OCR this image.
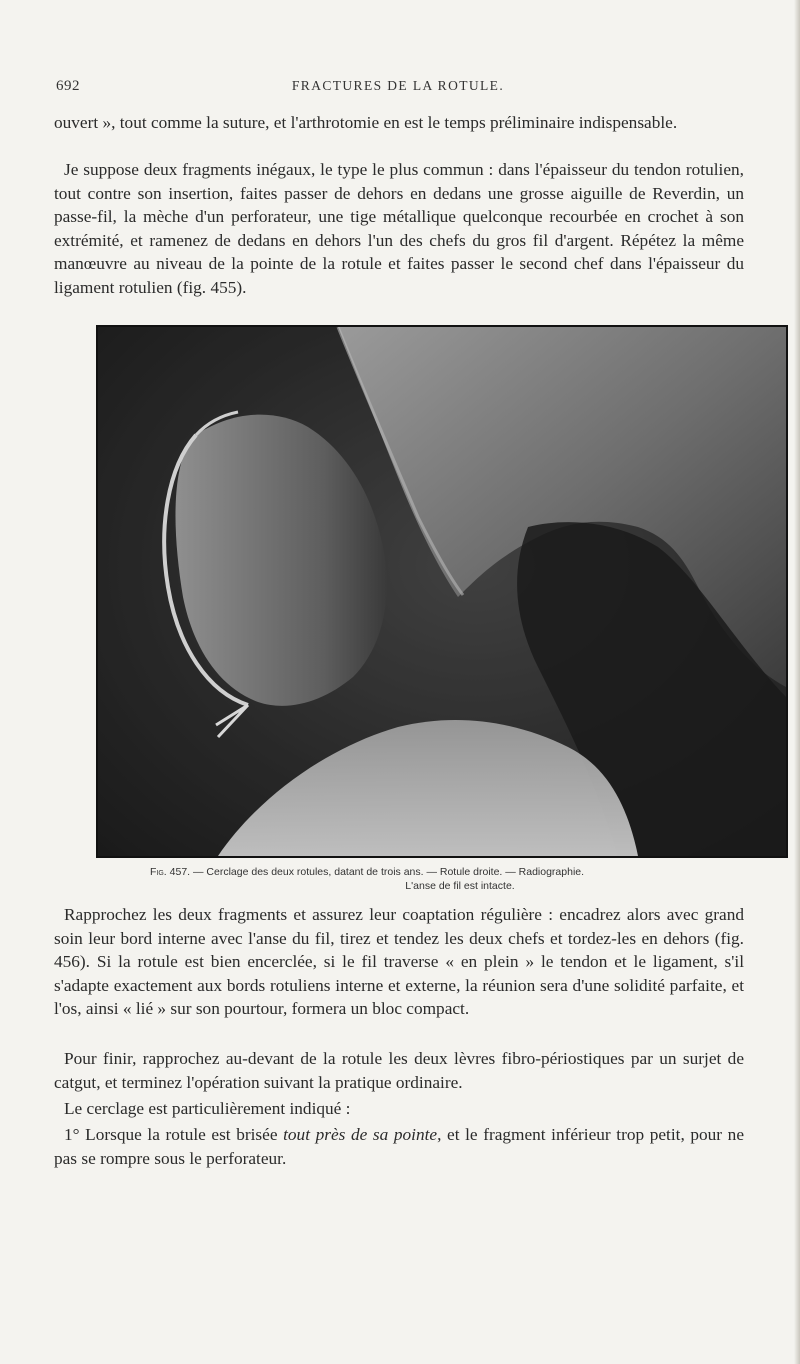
692	FRACTURES DE LA ROTULE.

ouvert », tout comme la suture, et l'arthrotomie en est le temps préliminaire indispensable.

Je suppose deux fragments inégaux, le type le plus commun : dans l'épaisseur du tendon rotulien, tout contre son insertion, faites passer de dehors en dedans une grosse aiguille de Reverdin, un passe-fil, la mèche d'un perforateur, une tige métallique quelconque recourbée en crochet à son extrémité, et ramenez de dedans en dehors l'un des chefs du gros fil d'argent. Répétez la même manœuvre au niveau de la pointe de la rotule et faites passer le second chef dans l'épaisseur du ligament rotulien (fig. 455).

Fig. 457. — Cerclage des deux rotules, datant de trois ans. — Rotule droite. — Radiographie.
L'anse de fil est intacte.

Rapprochez les deux fragments et assurez leur coaptation régulière : encadrez alors avec grand soin leur bord interne avec l'anse du fil, tirez et tendez les deux chefs et tordez-les en dehors (fig. 456). Si la rotule est bien encerclée, si le fil traverse « en plein » le tendon et le ligament, s'il s'adapte exactement aux bords rotuliens interne et externe, la réunion sera d'une solidité parfaite, et l'os, ainsi « lié » sur son pourtour, formera un bloc compact.

Pour finir, rapprochez au-devant de la rotule les deux lèvres fibro-périostiques par un surjet de catgut, et terminez l'opération suivant la pratique ordinaire.

Le cerclage est particulièrement indiqué :

1° Lorsque la rotule est brisée tout près de sa pointe, et le fragment inférieur trop petit, pour ne pas se rompre sous le perforateur.
